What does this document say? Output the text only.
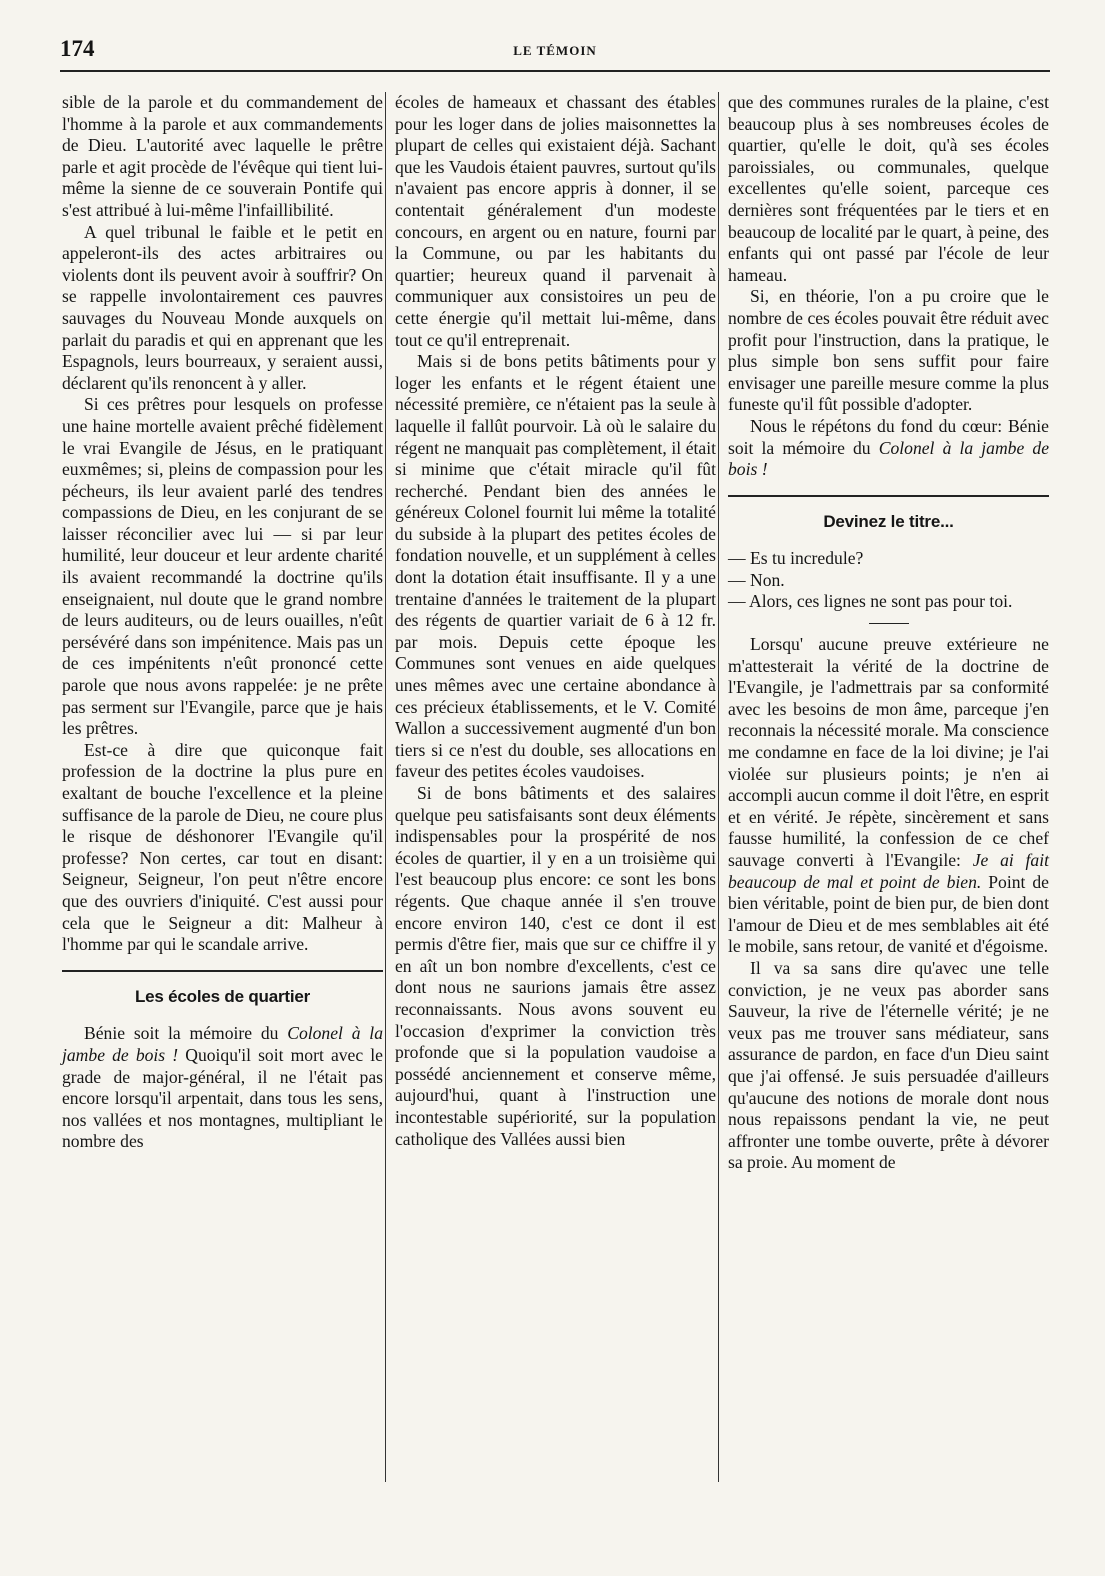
174	LE TÉMOIN

sible de la parole et du commandement de l'homme à la parole et aux commandements de Dieu. L'autorité avec laquelle le prêtre parle et agit procède de l'évêque qui tient lui-même la sienne de ce souverain Pontife qui s'est attribué à lui-même l'infaillibilité.

A quel tribunal le faible et le petit en appeleront-ils des actes arbitraires ou violents dont ils peuvent avoir à souffrir? On se rappelle involontairement ces pauvres sauvages du Nouveau Monde auxquels on parlait du paradis et qui en apprenant que les Espagnols, leurs bourreaux, y seraient aussi, déclarent qu'ils renoncent à y aller.

Si ces prêtres pour lesquels on professe une haine mortelle avaient prêché fidèlement le vrai Evangile de Jésus, en le pratiquant euxmêmes; si, pleins de compassion pour les pécheurs, ils leur avaient parlé des tendres compassions de Dieu, en les conjurant de se laisser réconcilier avec lui — si par leur humilité, leur douceur et leur ardente charité ils avaient recommandé la doctrine qu'ils enseignaient, nul doute que le grand nombre de leurs auditeurs, ou de leurs ouailles, n'eût persévéré dans son impénitence. Mais pas un de ces impénitents n'eût prononcé cette parole que nous avons rappelée: je ne prête pas serment sur l'Evangile, parce que je hais les prêtres.

Est-ce à dire que quiconque fait profession de la doctrine la plus pure en exaltant de bouche l'excellence et la pleine suffisance de la parole de Dieu, ne coure plus le risque de déshonorer l'Evangile qu'il professe? Non certes, car tout en disant: Seigneur, Seigneur, l'on peut n'être encore que des ouvriers d'iniquité. C'est aussi pour cela que le Seigneur a dit: Malheur à l'homme par qui le scandale arrive.

Les écoles de quartier

Bénie soit la mémoire du Colonel à la jambe de bois ! Quoiqu'il soit mort avec le grade de major-général, il ne l'était pas encore lorsqu'il arpentait, dans tous les sens, nos vallées et nos montagnes, multipliant le nombre des

écoles de hameaux et chassant des étables pour les loger dans de jolies maisonnettes la plupart de celles qui existaient déjà. Sachant que les Vaudois étaient pauvres, surtout qu'ils n'avaient pas encore appris à donner, il se contentait généralement d'un modeste concours, en argent ou en nature, fourni par la Commune, ou par les habitants du quartier; heureux quand il parvenait à communiquer aux consistoires un peu de cette énergie qu'il mettait lui-même, dans tout ce qu'il entreprenait.

Mais si de bons petits bâtiments pour y loger les enfants et le régent étaient une nécessité première, ce n'étaient pas la seule à laquelle il fallût pourvoir. Là où le salaire du régent ne manquait pas complètement, il était si minime que c'était miracle qu'il fût recherché. Pendant bien des années le généreux Colonel fournit lui même la totalité du subside à la plupart des petites écoles de fondation nouvelle, et un supplément à celles dont la dotation était insuffisante. Il y a une trentaine d'années le traitement de la plupart des régents de quartier variait de 6 à 12 fr. par mois. Depuis cette époque les Communes sont venues en aide quelques unes mêmes avec une certaine abondance à ces précieux établissements, et le V. Comité Wallon a successivement augmenté d'un bon tiers si ce n'est du double, ses allocations en faveur des petites écoles vaudoises.

Si de bons bâtiments et des salaires quelque peu satisfaisants sont deux éléments indispensables pour la prospérité de nos écoles de quartier, il y en a un troisième qui l'est beaucoup plus encore: ce sont les bons régents. Que chaque année il s'en trouve encore environ 140, c'est ce dont il est permis d'être fier, mais que sur ce chiffre il y en aît un bon nombre d'excellents, c'est ce dont nous ne saurions jamais être assez reconnaissants. Nous avons souvent eu l'occasion d'exprimer la conviction très profonde que si la population vaudoise a possédé anciennement et conserve même, aujourd'hui, quant à l'instruction une incontestable supériorité, sur la population catholique des Vallées aussi bien

que des communes rurales de la plaine, c'est beaucoup plus à ses nombreuses écoles de quartier, qu'elle le doit, qu'à ses écoles paroissiales, ou communales, quelque excellentes qu'elle soient, parceque ces dernières sont fréquentées par le tiers et en beaucoup de localité par le quart, à peine, des enfants qui ont passé par l'école de leur hameau.

Si, en théorie, l'on a pu croire que le nombre de ces écoles pouvait être réduit avec profit pour l'instruction, dans la pratique, le plus simple bon sens suffit pour faire envisager une pareille mesure comme la plus funeste qu'il fût possible d'adopter.

Nous le répétons du fond du cœur: Bénie soit la mémoire du Colonel à la jambe de bois !

Devinez le titre...

— Es tu incredule?

— Non.

— Alors, ces lignes ne sont pas pour toi.

Lorsqu' aucune preuve extérieure ne m'attesterait la vérité de la doctrine de l'Evangile, je l'admettrais par sa conformité avec les besoins de mon âme, parceque j'en reconnais la nécessité morale. Ma conscience me condamne en face de la loi divine; je l'ai violée sur plusieurs points; je n'en ai accompli aucun comme il doit l'être, en esprit et en vérité. Je répète, sincèrement et sans fausse humilité, la confession de ce chef sauvage converti à l'Evangile: Je ai fait beaucoup de mal et point de bien. Point de bien véritable, point de bien pur, de bien dont l'amour de Dieu et de mes semblables ait été le mobile, sans retour, de vanité et d'égoisme.

Il va sa sans dire qu'avec une telle conviction, je ne veux pas aborder sans Sauveur, la rive de l'éternelle vérité; je ne veux pas me trouver sans médiateur, sans assurance de pardon, en face d'un Dieu saint que j'ai offensé. Je suis persuadée d'ailleurs qu'aucune des notions de morale dont nous nous repaissons pendant la vie, ne peut affronter une tombe ouverte, prête à dévorer sa proie. Au moment de
